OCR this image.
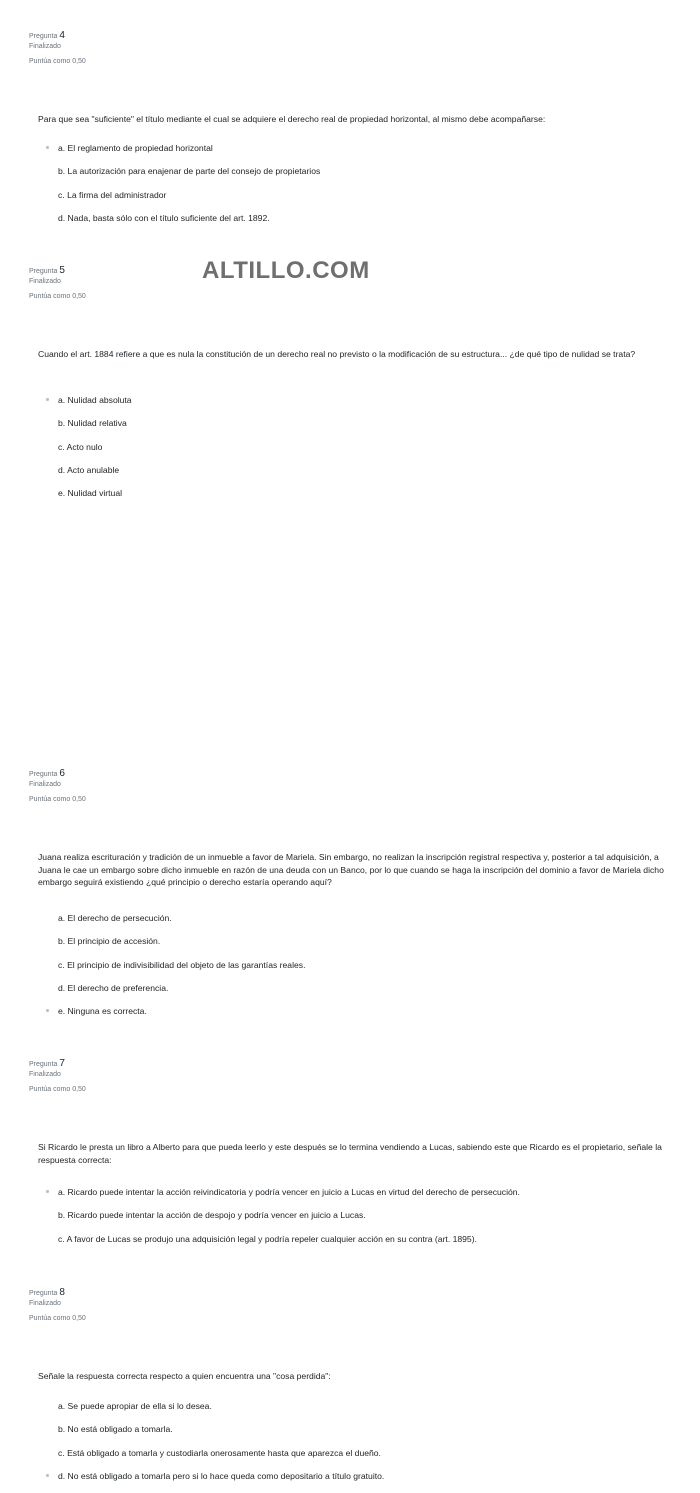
ALTILLO.COM
Pregunta 4
Finalizado
Puntúa como 0,50
Para que sea "suficiente" el título mediante el cual se adquiere el derecho real de propiedad horizontal, al mismo debe acompañarse:
a. El reglamento de propiedad horizontal
b. La autorización para enajenar de parte del consejo de propietarios
c. La firma del administrador
d. Nada, basta sólo con el título suficiente del art. 1892.
Pregunta 5
Finalizado
Puntúa como 0,50
Cuando el art. 1884 refiere a que es nula la constitución de un derecho real no previsto o la modificación de su estructura... ¿de qué tipo de nulidad se trata?
a. Nulidad absoluta
b. Nulidad relativa
c. Acto nulo
d. Acto anulable
e. Nulidad virtual
Pregunta 6
Finalizado
Puntúa como 0,50
Juana realiza escrituración y tradición de un inmueble a favor de Mariela. Sin embargo, no realizan la inscripción registral respectiva y, posterior a tal adquisición, a Juana le cae un embargo sobre dicho inmueble en razón de una deuda con un Banco, por lo que cuando se haga la inscripción del dominio a favor de Mariela dicho embargo seguirá existiendo ¿qué principio o derecho estaría operando aquí?
a. El derecho de persecución.
b. El principio de accesión.
c. El principio de indivisibilidad del objeto de las garantías reales.
d. El derecho de preferencia.
e. Ninguna es correcta.
Pregunta 7
Finalizado
Puntúa como 0,50
Si Ricardo le presta un libro a Alberto para que pueda leerlo y este después se lo termina vendiendo a Lucas, sabiendo este que Ricardo es el propietario, señale la respuesta correcta:
a. Ricardo puede intentar la acción reivindicatoria y podría vencer en juicio a Lucas en virtud del derecho de persecución.
b. Ricardo puede intentar la acción de despojo y podría vencer en juicio a Lucas.
c. A favor de Lucas se produjo una adquisición legal y podría repeler cualquier acción en su contra (art. 1895).
Pregunta 8
Finalizado
Puntúa como 0,50
Señale la respuesta correcta respecto a quien encuentra una "cosa perdida":
a. Se puede apropiar de ella si lo desea.
b. No está obligado a tomarla.
c. Está obligado a tomarla y custodiarla onerosamente hasta que aparezca el dueño.
d. No está obligado a tomarla pero si lo hace queda como depositario a título gratuito.
